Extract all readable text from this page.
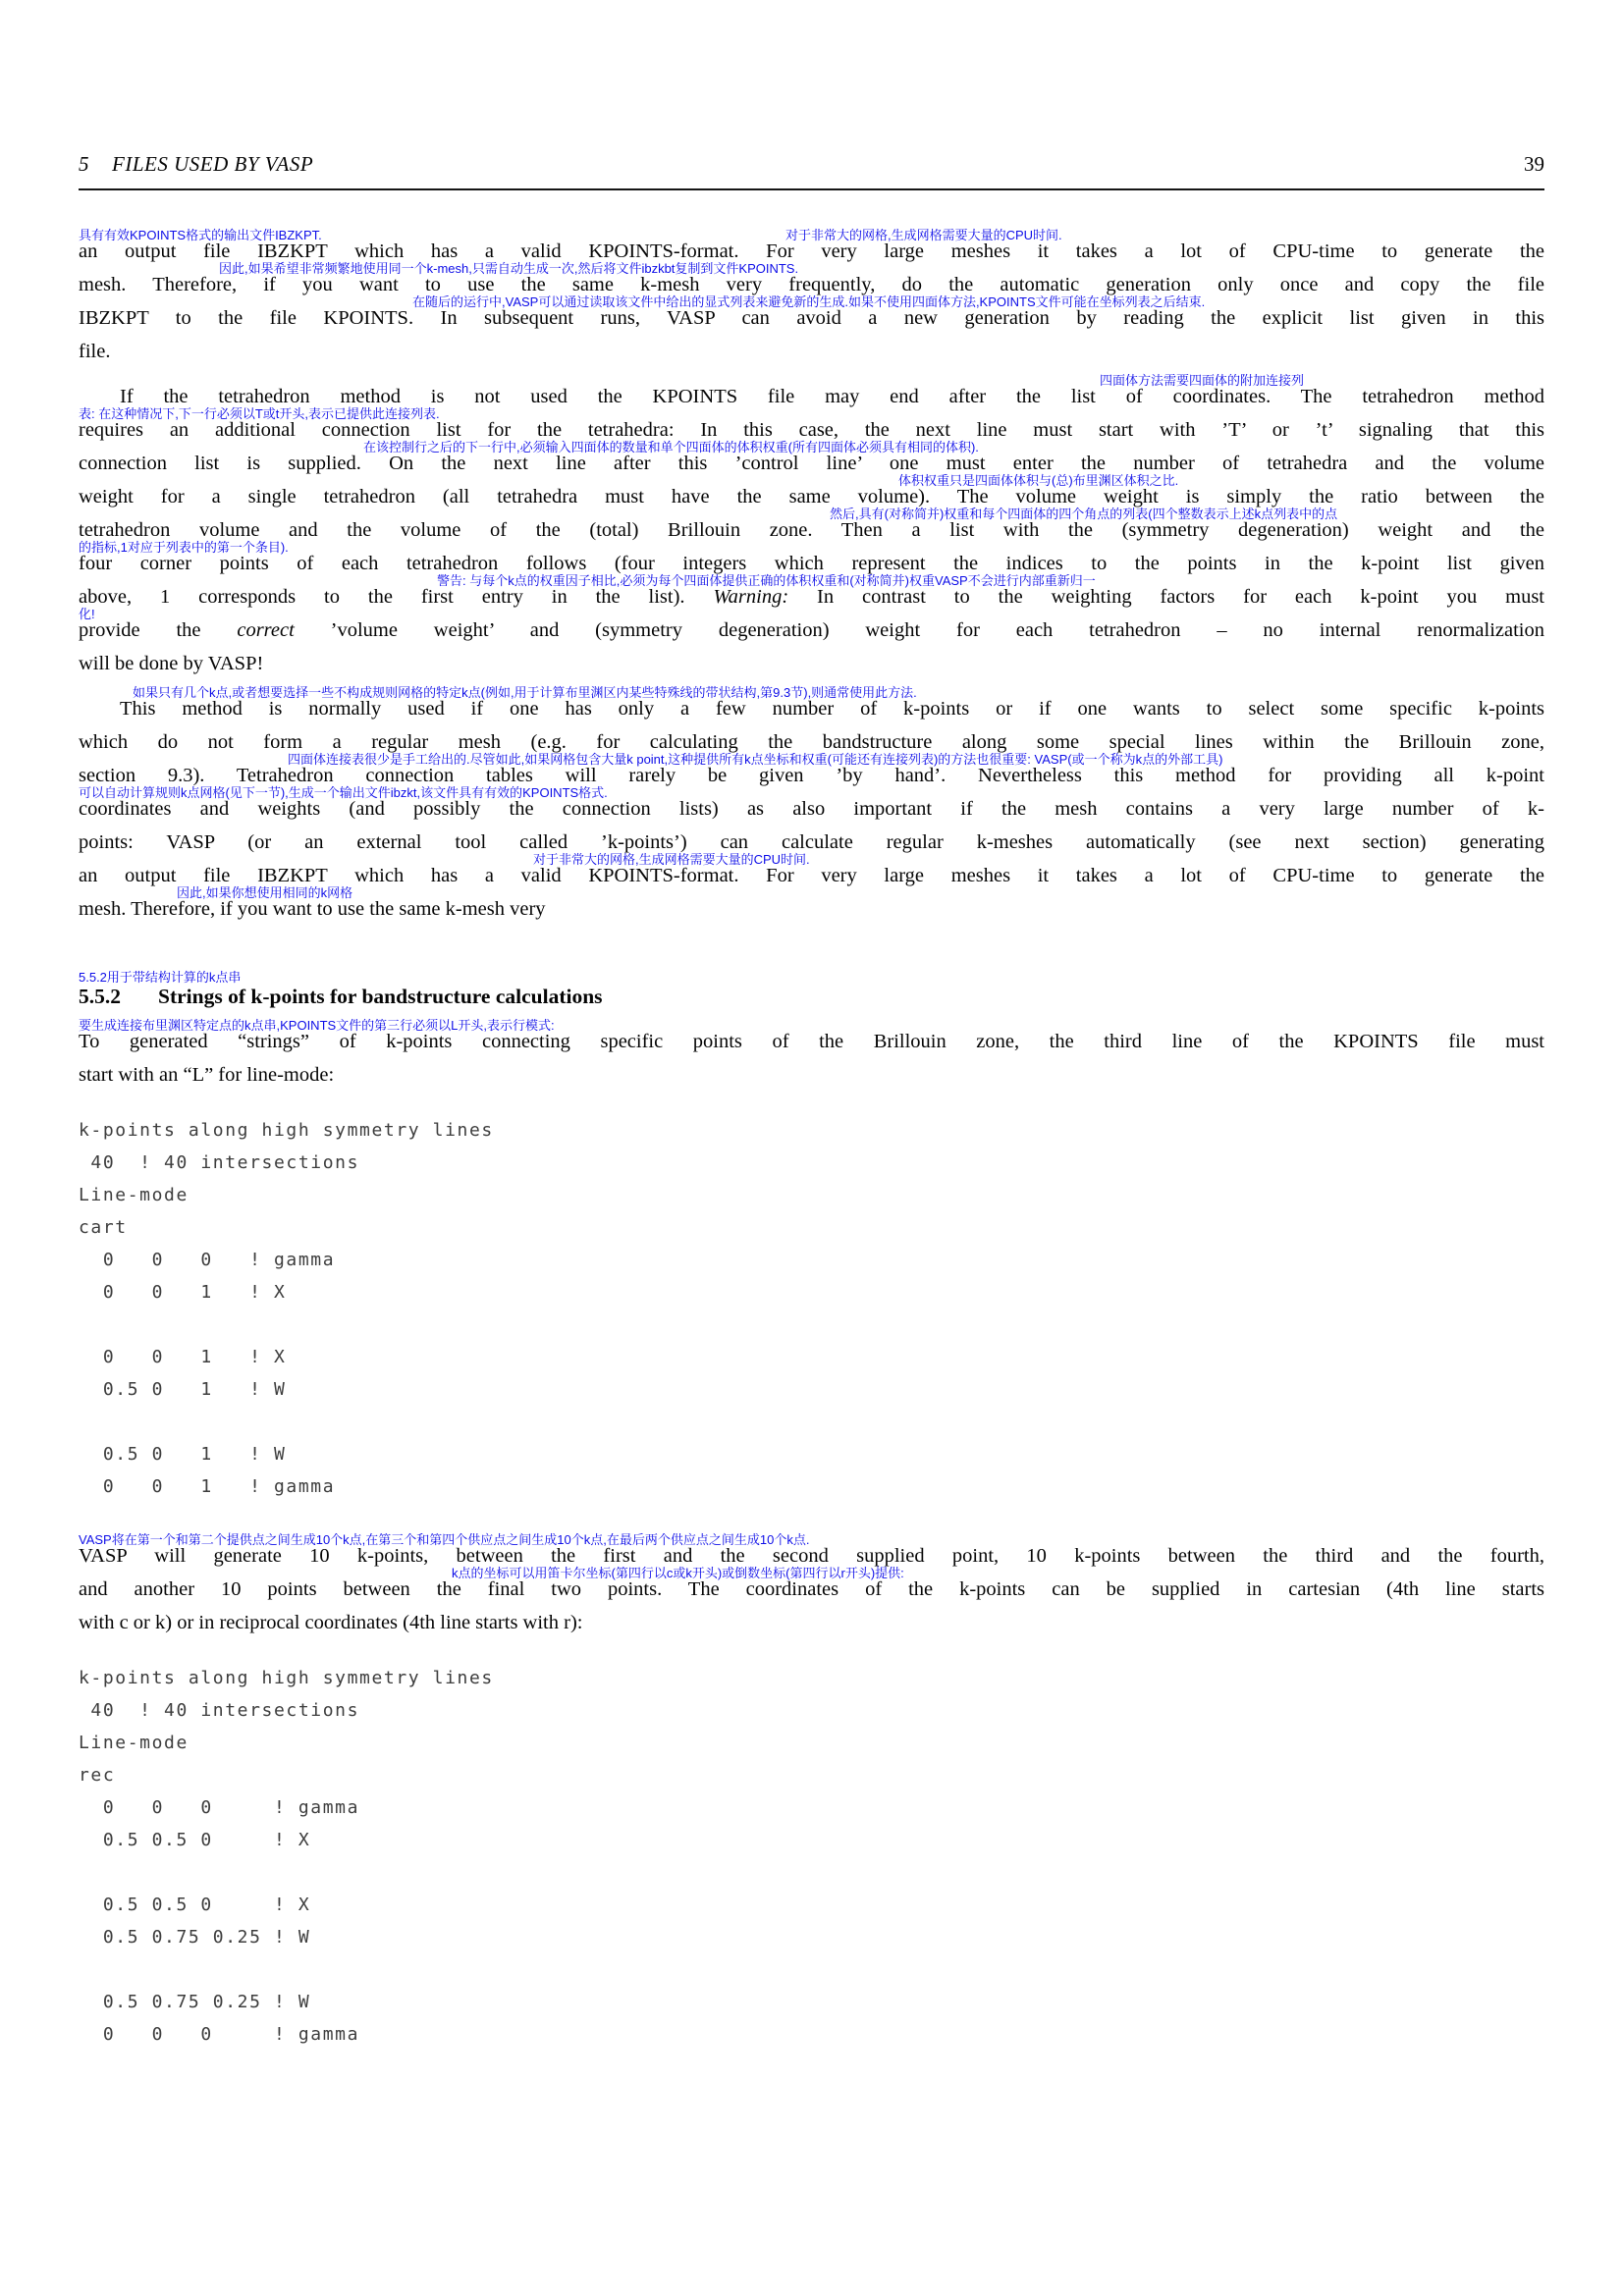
5    FILES USED BY VASP	39
具有有效KPOINTS格式的输出文件IBZKPT.	对于非常大的网格,生成网格需要大量的CPU时间.
an output file IBZKPT which has a valid KPOINTS-format. For very large meshes it takes a lot of CPU-time to generate the
因此,如果希望非常频繁地使用同一个k-mesh,只需自动生成一次,然后将文件ibzkbt复制到文件KPOINTS.
mesh. Therefore, if you want to use the same k-mesh very frequently, do the automatic generation only once and copy the file
在随后的运行中,VASP可以通过读取该文件中给出的显式列表来避免新的生成.如果不使用四面体方法,KPOINTS文件可能在坐标列表之后结束.
IBZKPT to the file KPOINTS. In subsequent runs, VASP can avoid a new generation by reading the explicit list given in this
file.
四面体方法需要四面体的附加连接列
If the tetrahedron method is not used the KPOINTS file may end after the list of coordinates. The tetrahedron method
表: 在这种情况下,下一行必须以T或t开头,表示已提供此连接列表.
requires an additional connection list for the tetrahedra: In this case, the next line must start with ’T’ or ’t’ signaling that this
在该控制行之后的下一行中,必须输入四面体的数量和单个四面体的体积权重(所有四面体必须具有相同的体积).
connection list is supplied. On the next line after this ’control line’ one must enter the number of tetrahedra and the volume
体积权重只是四面体体积与(总)布里渊区体积之比.
weight for a single tetrahedron (all tetrahedra must have the same volume). The volume weight is simply the ratio between the
然后,具有(对称简并)权重和每个四面体的四个角点的列表(四个整数表示上述k点列表中的点
tetrahedron volume and the volume of the (total) Brillouin zone. Then a list with the (symmetry degeneration) weight and the
的指标,1对应于列表中的第一个条目).
four corner points of each tetrahedron follows (four integers which represent the indices to the points in the k-point list given
警告: 与每个k点的权重因子相比,必须为每个四面体提供正确的体积权重和(对称简并)权重VASP不会进行内部重新归一
above, 1 corresponds to the first entry in the list). Warning: In contrast to the weighting factors for each k-point you must
化!
provide the correct ’volume weight’ and (symmetry degeneration) weight for each tetrahedron – no internal renormalization
will be done by VASP!
如果只有几个k点,或者想要选择一些不构成规则网格的特定k点(例如,用于计算布里渊区内某些特殊线的带状结构,第9.3节),则通常使用此方法.
This method is normally used if one has only a few number of k-points or if one wants to select some specific k-points
which do not form a regular mesh (e.g. for calculating the bandstructure along some special lines within the Brillouin zone,
四面体连接表很少是手工给出的.尽管如此,如果网格包含大量k point,这种提供所有k点坐标和权重(可能还有连接列表)的方法也很重要: VASP(或一个称为k点的外部工具)
section 9.3). Tetrahedron connection tables will rarely be given ’by hand’. Nevertheless this method for providing all k-point
可以自动计算规则k点网格(见下一节),生成一个输出文件ibzkt,该文件具有有效的KPOINTS格式.
coordinates and weights (and possibly the connection lists) as also important if the mesh contains a very large number of k-
points: VASP (or an external tool called ’k-points’) can calculate regular k-meshes automatically (see next section) generating
对于非常大的网格,生成网格需要大量的CPU时间.
an output file IBZKPT which has a valid KPOINTS-format. For very large meshes it takes a lot of CPU-time to generate the
因此,如果你想使用相同的k网格
mesh. Therefore, if you want to use the same k-mesh very
5.5.2用于带结构计算的k点串
5.5.2 Strings of k-points for bandstructure calculations
要生成连接布里渊区特定点的k点串,KPOINTS文件的第三行必须以L开头,表示行模式:
To generated “strings” of k-points connecting specific points of the Brillouin zone, the third line of the KPOINTS file must
start with an “L” for line-mode:
k-points along high symmetry lines
40  ! 40 intersections
Line-mode
cart
0   0   0   ! gamma
0   0   1   ! X

0   0   1   ! X
0.5 0   1   ! W

0.5 0   1   ! W
0   0   1   ! gamma
VASP将在第一个和第二个提供点之间生成10个k点,在第三个和第四个供应点之间生成10个k点,在最后两个供应点之间生成10个k点.
VASP will generate 10 k-points, between the first and the second supplied point, 10 k-points between the third and the fourth,
k点的坐标可以用笛卡尔坐标(第四行以c或k开头)或倒数坐标(第四行以r开头)提供:
and another 10 points between the final two points. The coordinates of the k-points can be supplied in cartesian (4th line starts
with c or k) or in reciprocal coordinates (4th line starts with r):
k-points along high symmetry lines
40  ! 40 intersections
Line-mode
rec
0   0   0     ! gamma
0.5 0.5 0     ! X

0.5 0.5 0     ! X
0.5 0.75 0.25 ! W

0.5 0.75 0.25 ! W
0   0   0     ! gamma
